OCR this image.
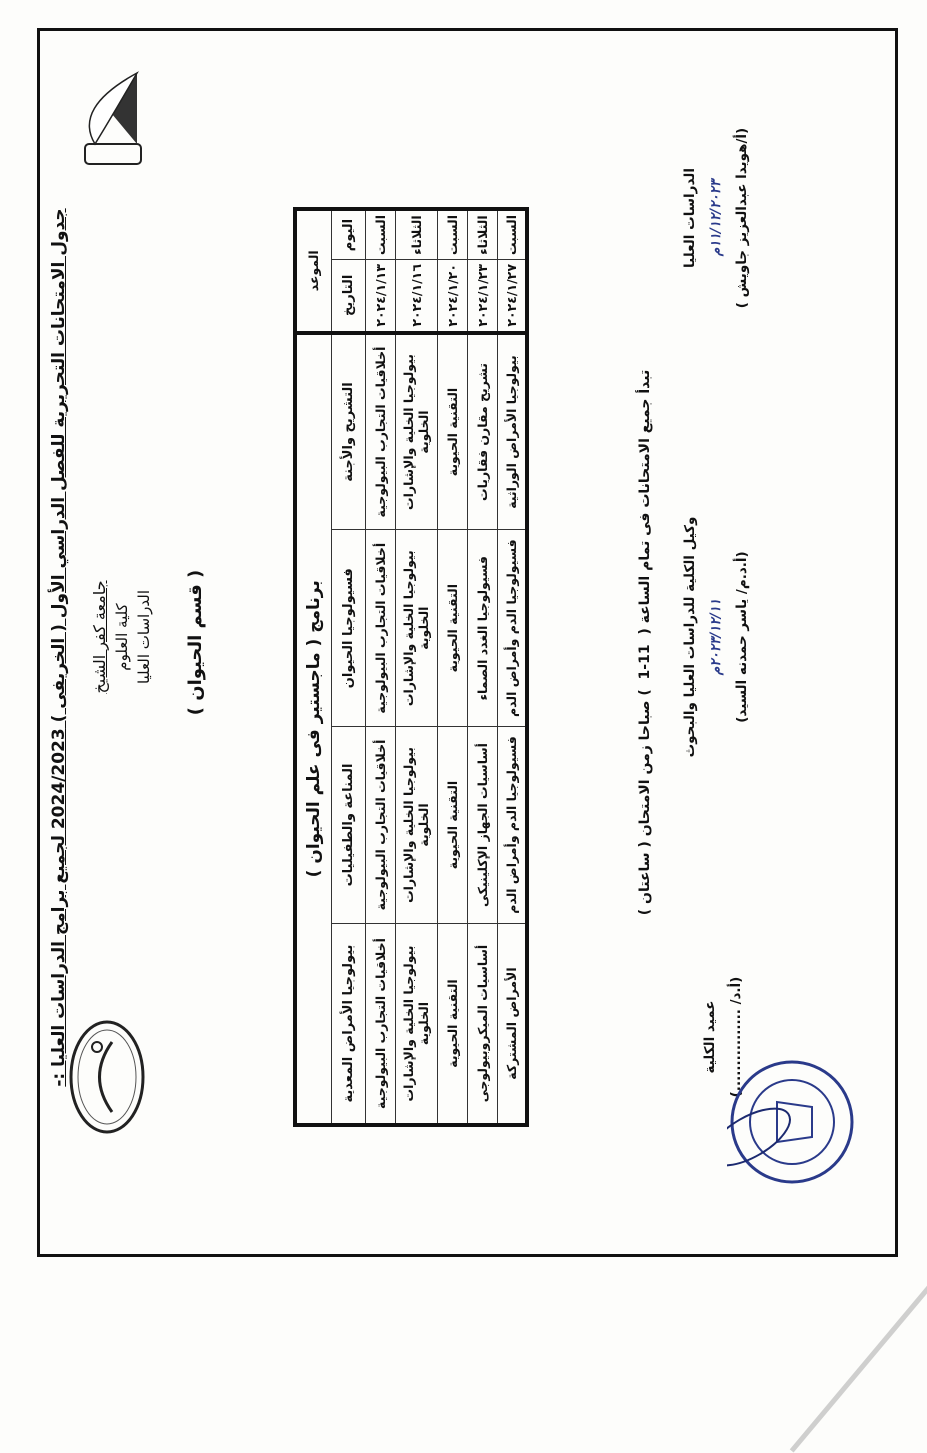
جدول الامتحانات التحريرية للفصل الدراسي الأول ( الخريفى ) 2024/2023 لجميع برامج الدراسات العليا :- جامعة كفر الشيخ كلية العلوم الدراسات العليا ( قسم الحيوان )
الموعد		برنامج ( ماجستير فى علم الحيوان )			
اليوم	التاريخ	التشريح والأجنة	فسيولوجيا الحيوان	المناعة والطفيليات	بيولوجيا الأمراض المعدية
السبت	٢٠٢٤/١/١٣	أخلاقيات التجارب البيولوجية	أخلاقيات التجارب البيولوجية	أخلاقيات التجارب البيولوجية	أخلاقيات التجارب البيولوجية
الثلاثاء	٢٠٢٤/١/١٦	بيولوجيا الخلية والإشارات الخلوية	بيولوجيا الخلية والإشارات الخلوية	بيولوجيا الخلية والإشارات الخلوية	بيولوجيا الخلية والإشارات الخلوية
السبت	٢٠٢٤/١/٢٠	التقنية الحيوية	التقنية الحيوية	التقنية الحيوية	التقنية الحيوية
الثلاثاء	٢٠٢٤/١/٢٣	تشريح مقارن فقاريات	فسيولوجيا الغدد الصماء	أساسيات الجهاز الإكلينيكى	أساسيات الميكروبيولوجى
السبت	٢٠٢٤/١/٢٧	بيولوجيا الأمراض الوراثية	فسيولوجيا الدم وأمراض الدم	فسيولوجيا الدم وأمراض الدم	الأمراض المشتركة
تبدأ جميع الامتحانات فى تمام الساعة (  11-1  ) صباحا زمن الامتحان ( ساعتان )
الدراسات العليا ١١/١٢/٢٠٢٣م (أ/هويدا عبدالعزيز جاويش )
وكيل الكلية للدراسات العليا والبحوث ٢٠٢٣/١٢/١١م (أ.د.م/ ياسر حمدنه السيد)
عميد الكلية (أ.د/ ................)
